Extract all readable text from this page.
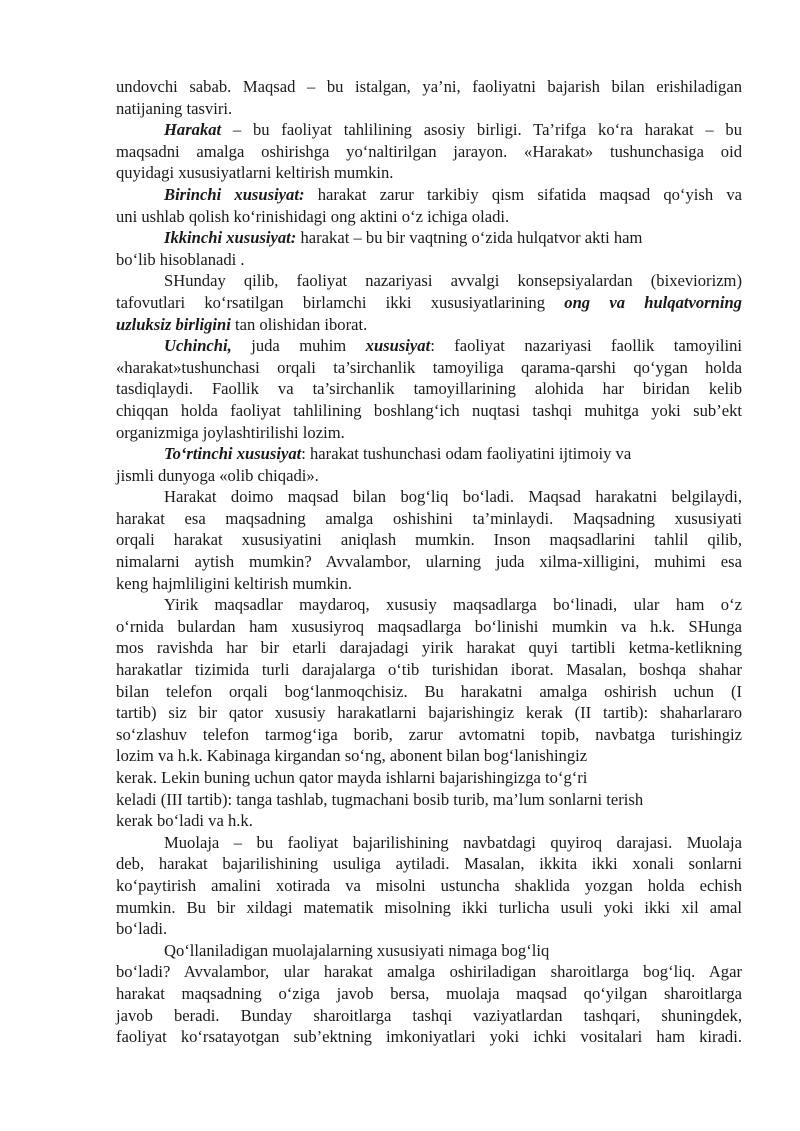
undovchi sabab. Maqsad – bu istalgan, ya’ni, faoliyatni bajarish bilan erishiladigan
natijaning tasviri.
Harakat – bu faoliyat tahlilining asosiy birligi. Ta’rifga ko‘ra harakat – bu
maqsadni amalga oshirishga yo‘naltirilgan jarayon. «Harakat» tushunchasiga oid
quyidagi xususiyatlarni keltirish mumkin.
Birinchi xususiyat: harakat zarur tarkibiy qism sifatida maqsad qo‘yish va
uni ushlab qolish ko‘rinishidagi ong aktini o‘z ichiga oladi.
Ikkinchi xususiyat: harakat – bu bir vaqtning o‘zida hulqatvor akti ham
bo‘lib hisoblanadi .
SHunday qilib, faoliyat nazariyasi avvalgi konsepsiyalardan (bixeviorizm)
tafovutlari ko‘rsatilgan birlamchi ikki xususiyatlarining ong va hulqatvorning
uzluksiz birligini tan olishidan iborat.
Uchinchi, juda muhim xususiyat: faoliyat nazariyasi faollik tamoyilini
«harakat»tushunchasi orqali ta’sirchanlik tamoyiliga qarama-qarshi qo‘ygan holda
tasdiqlaydi. Faollik va ta’sirchanlik tamoyillarining alohida har biridan kelib
chiqqan holda faoliyat tahlilining boshlang‘ich nuqtasi tashqi muhitga yoki sub’ekt
organizmiga joylashtirilishi lozim.
To‘rtinchi xususiyat: harakat tushunchasi odam faoliyatini ijtimoiy va
jismli dunyoga «olib chiqadi».
Harakat doimo maqsad bilan bog‘liq bo‘ladi. Maqsad harakatni belgilaydi,
harakat esa maqsadning amalga oshishini ta’minlaydi. Maqsadning xususiyati
orqali harakat xususiyatini aniqlash mumkin. Inson maqsadlarini tahlil qilib,
nimalarni aytish mumkin? Avvalambor, ularning juda xilma-xilligini, muhimi esa
keng hajmliligini keltirish mumkin.
Yirik maqsadlar maydaroq, xususiy maqsadlarga bo‘linadi, ular ham o‘z
o‘rnida bulardan ham xususiyroq maqsadlarga bo‘linishi mumkin va h.k. SHunga
mos ravishda har bir etarli darajadagi yirik harakat quyi tartibli ketma-ketlikning
harakatlar tizimida turli darajalarga o‘tib turishidan iborat. Masalan, boshqa shahar
bilan telefon orqali bog‘lanmoqchisiz. Bu harakatni amalga oshirish uchun (I
tartib) siz bir qator xususiy harakatlarni bajarishingiz kerak (II tartib): shaharlararo
so‘zlashuv telefon tarmog‘iga borib, zarur avtomatni topib, navbatga turishingiz
lozim va h.k. Kabinaga kirgandan so‘ng, abonent bilan bog‘lanishingiz
kerak. Lekin buning uchun qator mayda ishlarni bajarishingizga to‘g‘ri
keladi (III tartib): tanga tashlab, tugmachani bosib turib, ma’lum sonlarni terish
kerak bo‘ladi va h.k.
Muolaja – bu faoliyat bajarilishining navbatdagi quyiroq darajasi. Muolaja
deb, harakat bajarilishining usuliga aytiladi. Masalan, ikkita ikki xonali sonlarni
ko‘paytirish amalini xotirada va misolni ustuncha shaklida yozgan holda echish
mumkin. Bu bir xildagi matematik misolning ikki turlicha usuli yoki ikki xil amal
bo‘ladi.
Qo‘llaniladigan muolajalarning xususiyati nimaga bog‘liq
bo‘ladi? Avvalambor, ular harakat amalga oshiriladigan sharoitlarga bog‘liq. Agar
harakat maqsadning o‘ziga javob bersa, muolaja maqsad qo‘yilgan sharoitlarga
javob beradi. Bunday sharoitlarga tashqi vaziyatlardan tashqari, shuningdek,
faoliyat ko‘rsatayotgan sub’ektning imkoniyatlari yoki ichki vositalari ham kiradi.
